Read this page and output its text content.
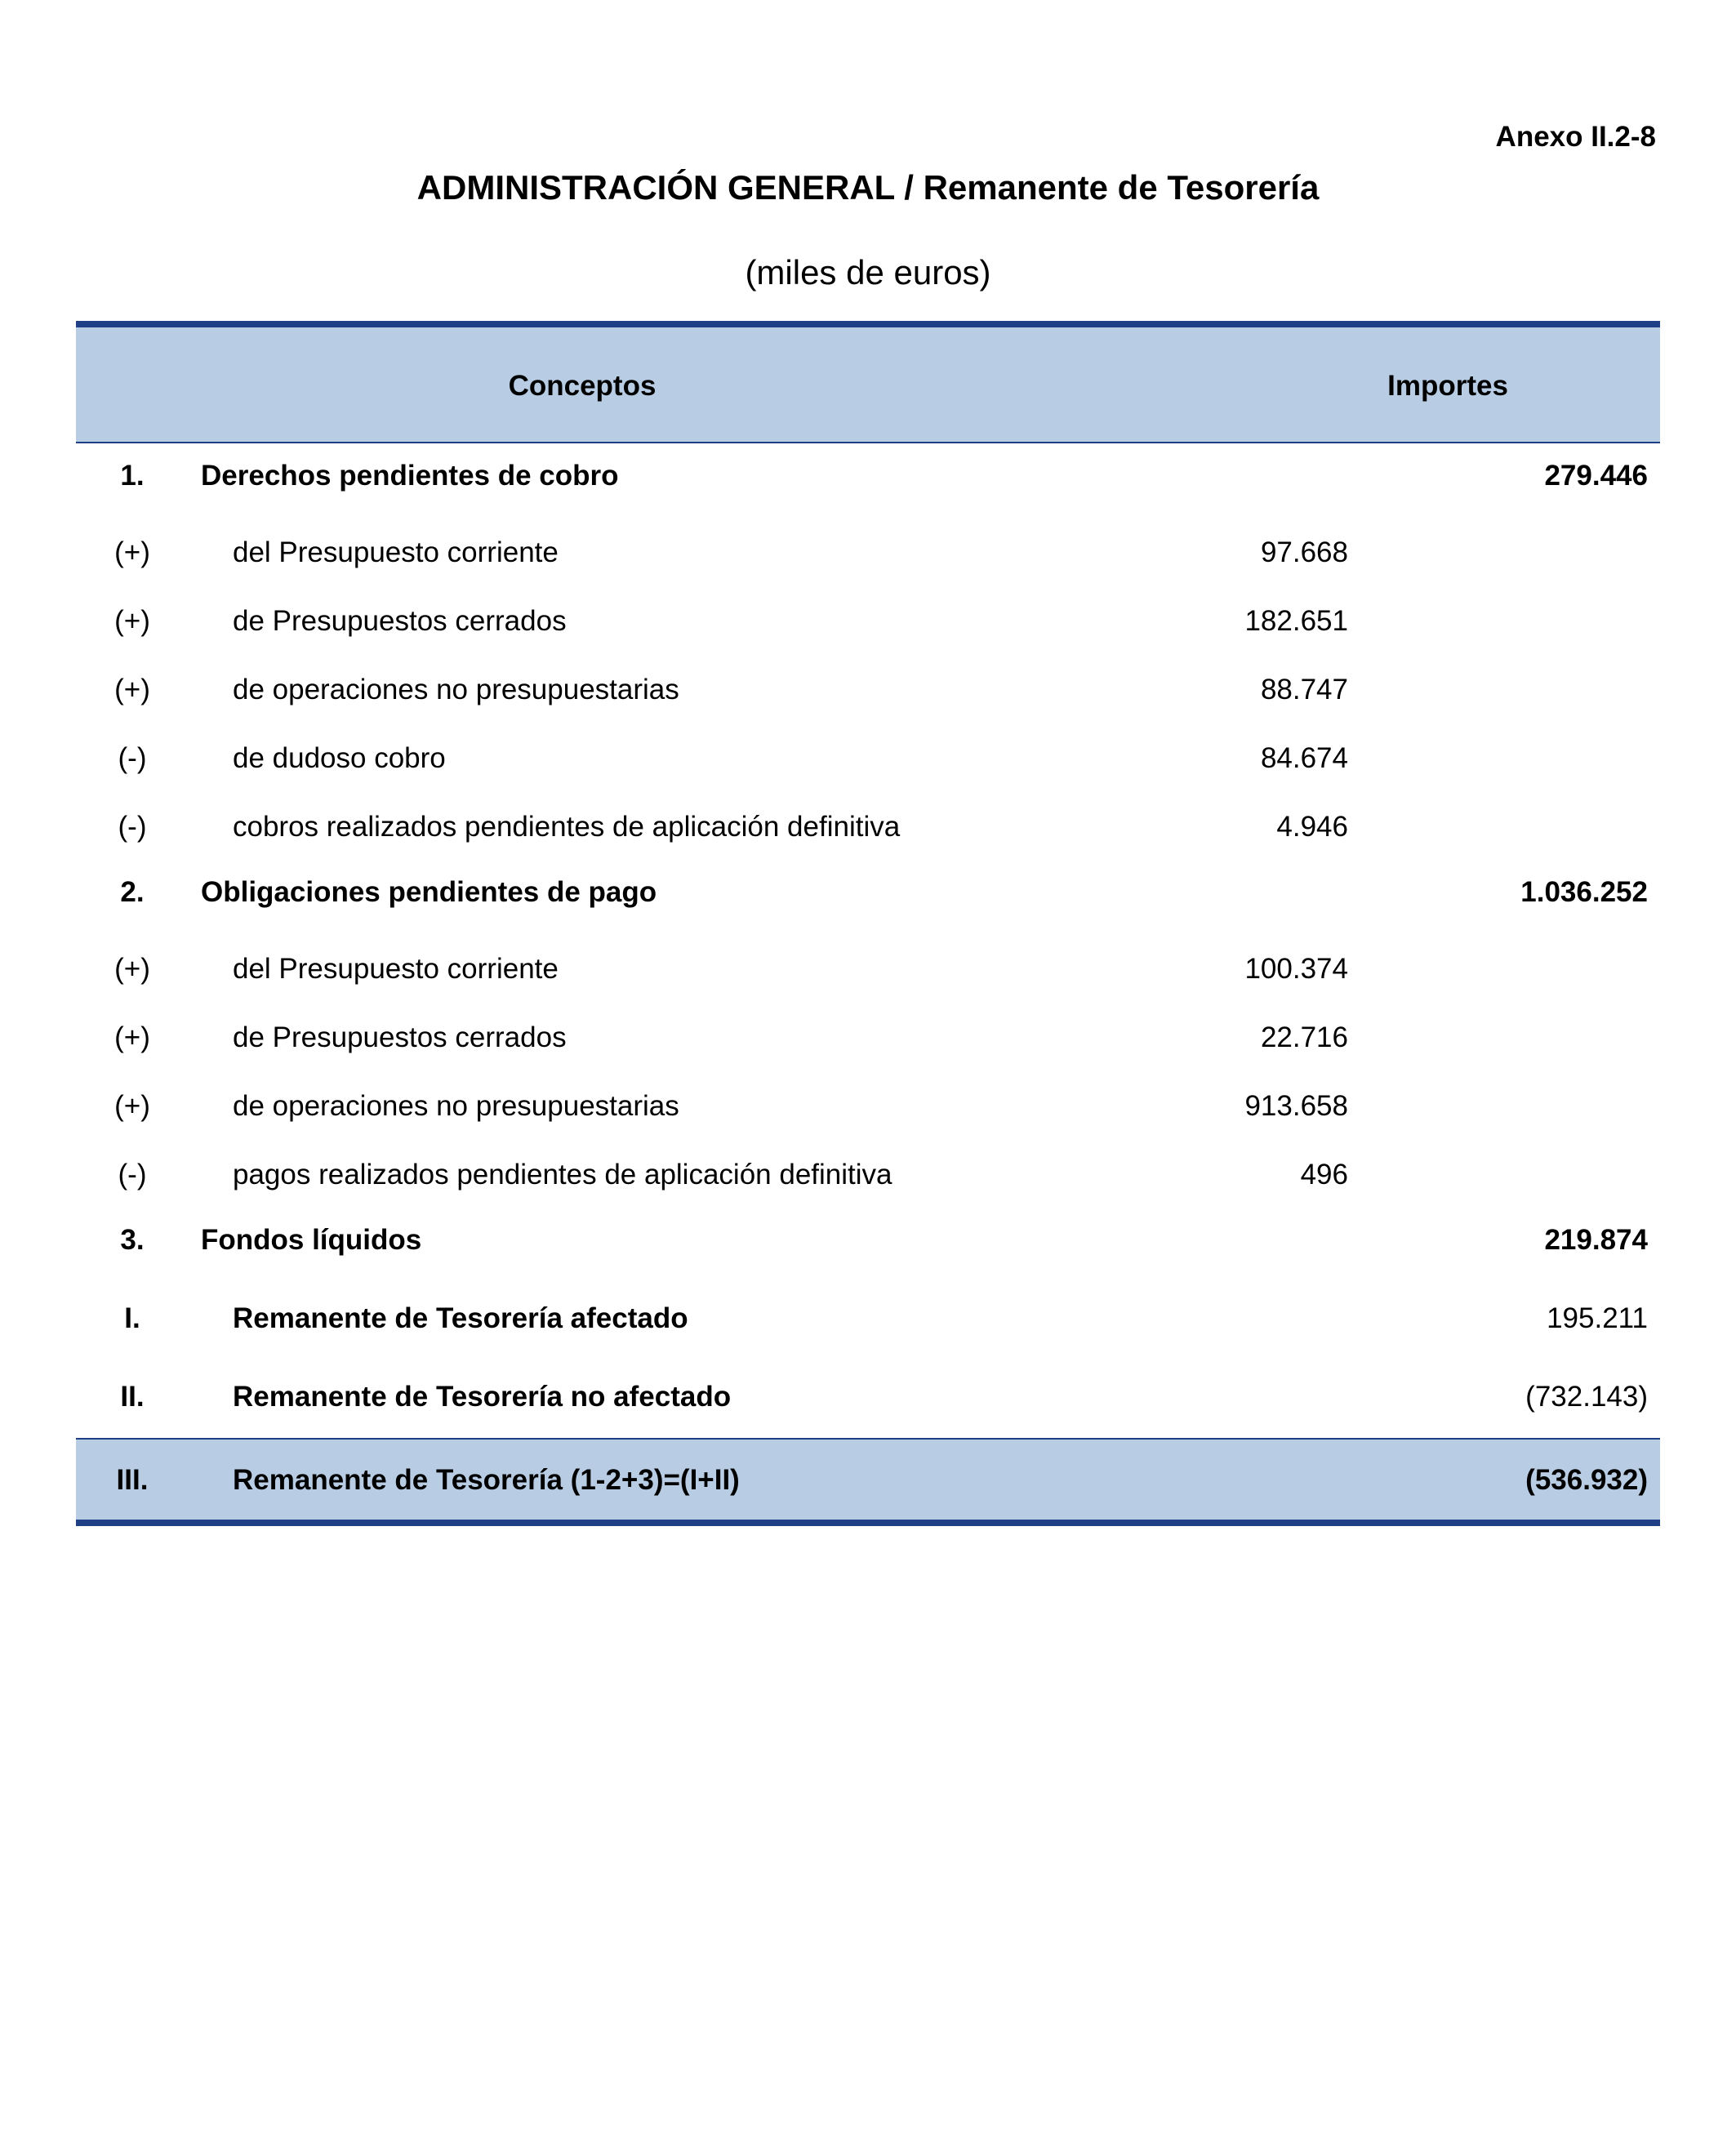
Anexo II.2-8
ADMINISTRACIÓN GENERAL / Remanente de Tesorería
(miles de euros)
Conceptos	Importes
1.	Derechos pendientes de cobro	279.446
(+)	del Presupuesto corriente	97.668
(+)	de Presupuestos cerrados	182.651
(+)	de operaciones no presupuestarias	88.747
(-)	de dudoso cobro	84.674
(-)	cobros realizados pendientes de aplicación definitiva	4.946
2.	Obligaciones pendientes de pago	1.036.252
(+)	del Presupuesto corriente	100.374
(+)	de Presupuestos cerrados	22.716
(+)	de operaciones no presupuestarias	913.658
(-)	pagos realizados pendientes de aplicación definitiva	496
3.	Fondos líquidos	219.874
I.	Remanente de Tesorería afectado	195.211
II.	Remanente de Tesorería no afectado	(732.143)
III.	Remanente de Tesorería (1-2+3)=(I+II)	(536.932)
